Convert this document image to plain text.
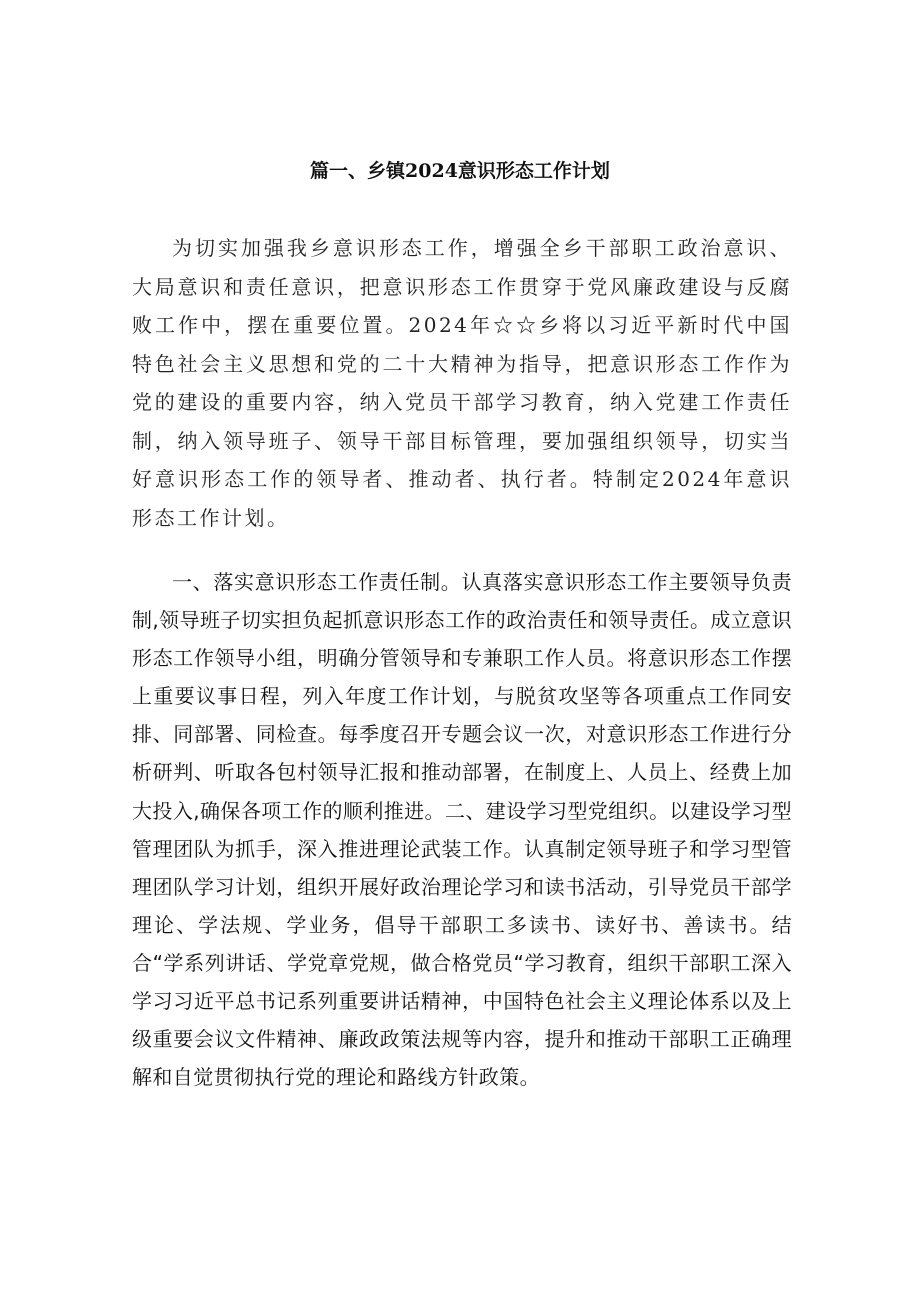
篇一、乡镇2024意识形态工作计划

为切实加强我乡意识形态工作，增强全乡干部职工政治意识、大局意识和责任意识，把意识形态工作贯穿于党风廉政建设与反腐败工作中，摆在重要位置。2024年☆☆乡将以习近平新时代中国特色社会主义思想和党的二十大精神为指导，把意识形态工作作为党的建设的重要内容，纳入党员干部学习教育，纳入党建工作责任制，纳入领导班子、领导干部目标管理，要加强组织领导，切实当好意识形态工作的领导者、推动者、执行者。特制定2024年意识形态工作计划。

一、落实意识形态工作责任制。认真落实意识形态工作主要领导负责制,领导班子切实担负起抓意识形态工作的政治责任和领导责任。成立意识形态工作领导小组，明确分管领导和专兼职工作人员。将意识形态工作摆上重要议事日程，列入年度工作计划，与脱贫攻坚等各项重点工作同安排、同部署、同检查。每季度召开专题会议一次，对意识形态工作进行分析研判、听取各包村领导汇报和推动部署，在制度上、人员上、经费上加大投入,确保各项工作的顺利推进。二、建设学习型党组织。以建设学习型管理团队为抓手，深入推进理论武装工作。认真制定领导班子和学习型管理团队学习计划，组织开展好政治理论学习和读书活动，引导党员干部学理论、学法规、学业务，倡导干部职工多读书、读好书、善读书。结合“学系列讲话、学党章党规，做合格党员“学习教育，组织干部职工深入学习习近平总书记系列重要讲话精神，中国特色社会主义理论体系以及上级重要会议文件精神、廉政政策法规等内容，提升和推动干部职工正确理解和自觉贯彻执行党的理论和路线方针政策。
